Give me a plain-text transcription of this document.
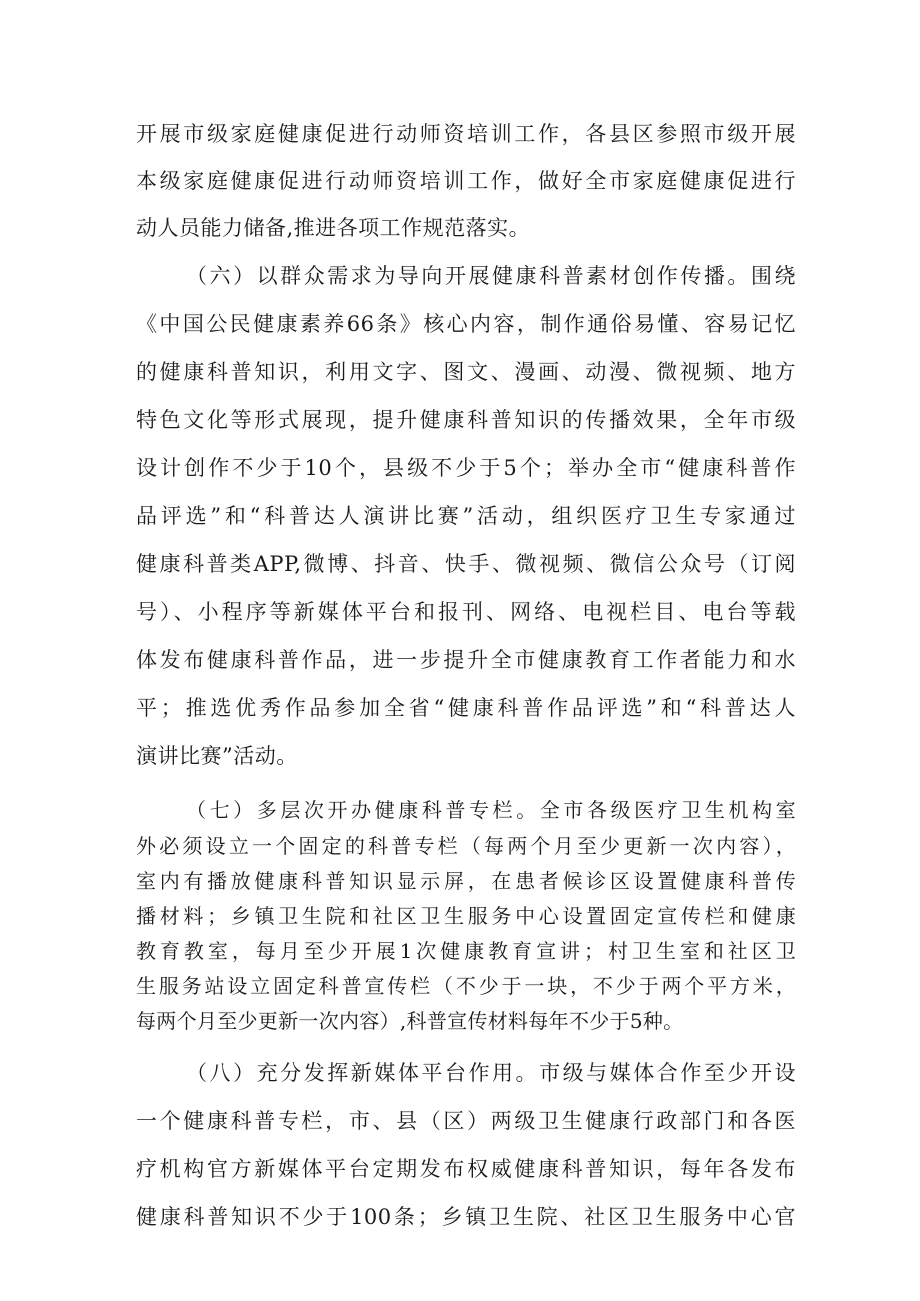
开展市级家庭健康促进行动师资培训工作，各县区参照市级开展
本级家庭健康促进行动师资培训工作，做好全市家庭健康促进行
动人员能力储备,推进各项工作规范落实。
（六）以群众需求为导向开展健康科普素材创作传播。围绕
《中国公民健康素养66条》核心内容，制作通俗易懂、容易记忆
的健康科普知识，利用文字、图文、漫画、动漫、微视频、地方
特色文化等形式展现，提升健康科普知识的传播效果，全年市级
设计创作不少于10个，县级不少于5个；举办全市“健康科普作
品评选”和“科普达人演讲比赛”活动，组织医疗卫生专家通过
健康科普类APP,微博、抖音、快手、微视频、微信公众号（订阅
号）、小程序等新媒体平台和报刊、网络、电视栏目、电台等载
体发布健康科普作品，进一步提升全市健康教育工作者能力和水
平；推选优秀作品参加全省“健康科普作品评选”和“科普达人
演讲比赛”活动。
（七）多层次开办健康科普专栏。全市各级医疗卫生机构室
外必须设立一个固定的科普专栏（每两个月至少更新一次内容），
室内有播放健康科普知识显示屏，在患者候诊区设置健康科普传
播材料；乡镇卫生院和社区卫生服务中心设置固定宣传栏和健康
教育教室，每月至少开展1次健康教育宣讲；村卫生室和社区卫
生服务站设立固定科普宣传栏（不少于一块，不少于两个平方米，
每两个月至少更新一次内容）,科普宣传材料每年不少于5种。
（八）充分发挥新媒体平台作用。市级与媒体合作至少开设
一个健康科普专栏，市、县（区）两级卫生健康行政部门和各医
疗机构官方新媒体平台定期发布权威健康科普知识，每年各发布
健康科普知识不少于100条；乡镇卫生院、社区卫生服务中心官
